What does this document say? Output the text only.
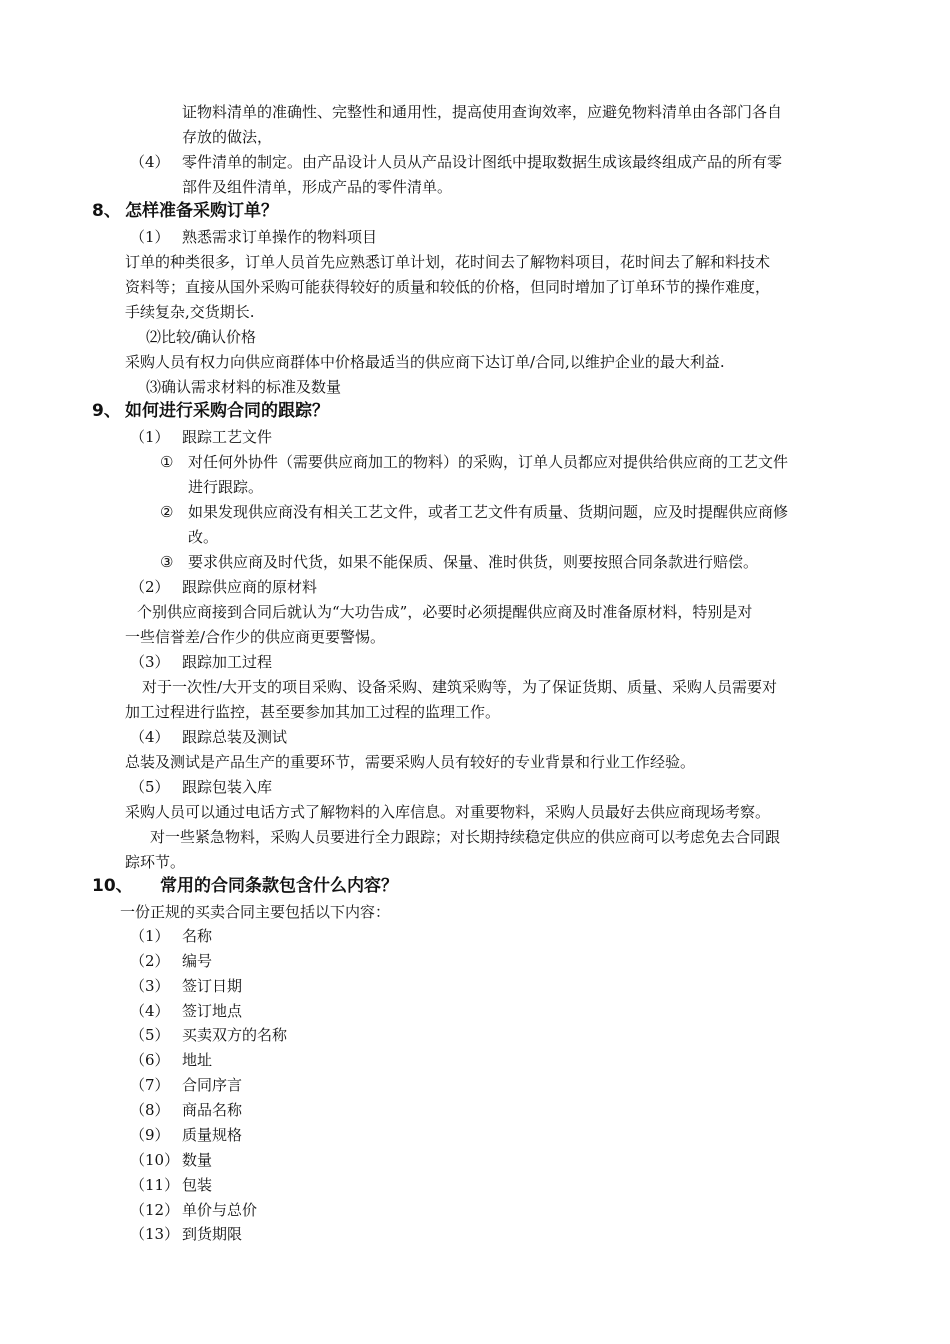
证物料清单的准确性、完整性和通用性，提高使用查询效率，应避免物料清单由各部门各自
存放的做法，
（4） 零件清单的制定。由产品设计人员从产品设计图纸中提取数据生成该最终组成产品的所有零
部件及组件清单，形成产品的零件清单。
8、 怎样准备采购订单？
（1） 熟悉需求订单操作的物料项目
订单的种类很多，订单人员首先应熟悉订单计划，花时间去了解物料项目，花时间去了解和料技术
资料等；直接从国外采购可能获得较好的质量和较低的价格，但同时增加了订单环节的操作难度，
手续复杂,交货期长.
⑵比较/确认价格
采购人员有权力向供应商群体中价格最适当的供应商下达订单/合同,以维护企业的最大利益.
⑶确认需求材料的标准及数量
9、 如何进行采购合同的跟踪？
（1） 跟踪工艺文件
① 对任何外协件（需要供应商加工的物料）的采购，订单人员都应对提供给供应商的工艺文件
进行跟踪。
② 如果发现供应商没有相关工艺文件，或者工艺文件有质量、货期问题，应及时提醒供应商修
改。
③ 要求供应商及时代货，如果不能保质、保量、准时供货，则要按照合同条款进行赔偿。
（2） 跟踪供应商的原材料
个别供应商接到合同后就认为“大功告成”，必要时必须提醒供应商及时准备原材料，特别是对
一些信誉差/合作少的供应商更要警惕。
（3） 跟踪加工过程
对于一次性/大开支的项目采购、设备采购、建筑采购等，为了保证货期、质量、采购人员需要对
加工过程进行监控，甚至要参加其加工过程的监理工作。
（4） 跟踪总装及测试
总装及测试是产品生产的重要环节，需要采购人员有较好的专业背景和行业工作经验。
（5） 跟踪包装入库
采购人员可以通过电话方式了解物料的入库信息。对重要物料，采购人员最好去供应商现场考察。
对一些紧急物料，采购人员要进行全力跟踪；对长期持续稳定供应的供应商可以考虑免去合同跟
踪环节。
10、 常用的合同条款包含什么内容？
一份正规的买卖合同主要包括以下内容：
（1） 名称
（2） 编号
（3） 签订日期
（4） 签订地点
（5） 买卖双方的名称
（6） 地址
（7） 合同序言
（8） 商品名称
（9） 质量规格
（10） 数量
（11） 包装
（12） 单价与总价
（13） 到货期限
